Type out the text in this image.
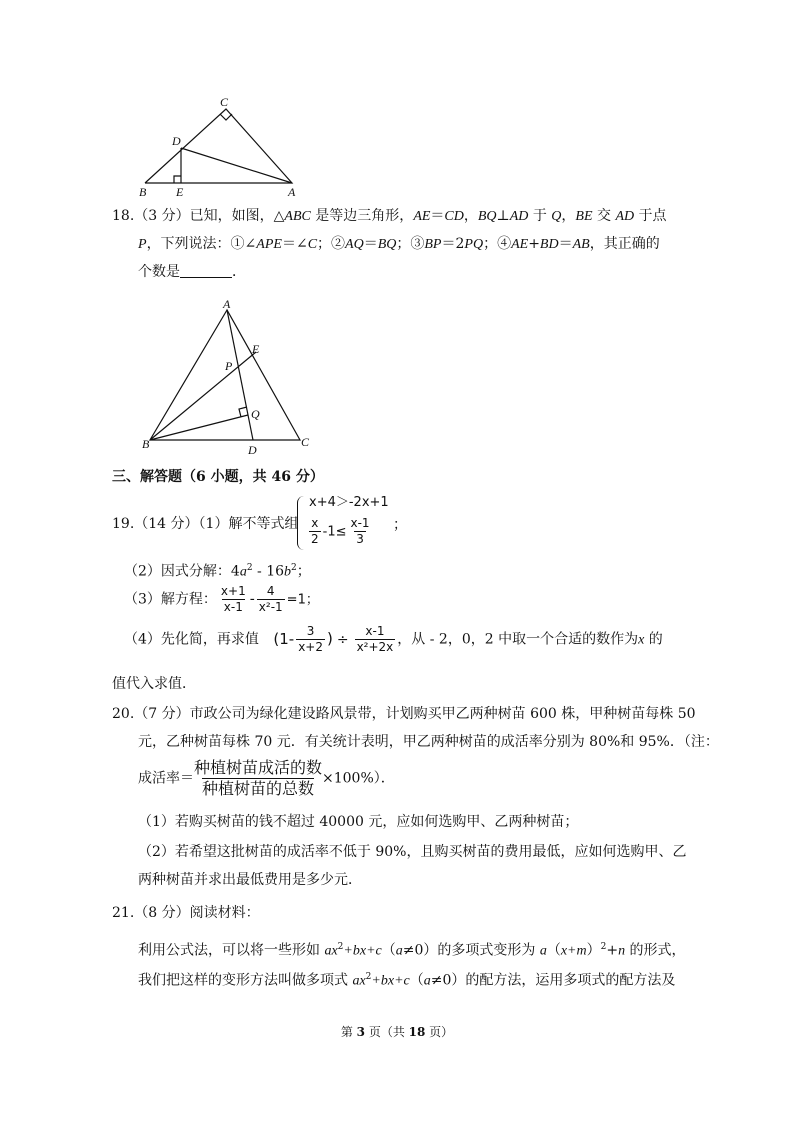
C
D
B E	A
18.（3 分）已知，如图，△ABC 是等边三角形，AE＝CD，BQ⊥AD 于 Q，BE 交 AD 于点
P，下列说法：①∠APE＝∠C；②AQ＝BQ；③BP＝2PQ；④AE+BD＝AB，其正确的
个数是	．
A
E
P
Q
B	D
C
三、解答题（6 小题，共 46 分）
19.（14 分）（1）解不等式组
x+4＞-2x+1
$\frac{x}{2} -1\le \frac{x-1}{3}$ ；
（2）因式分解：$4a^2 - 16b^2$；
（3）解方程： $\frac{x+1}{x-1} - \frac{4}{\text{x²-1}} =1$；
（4）先化简，再求值 ($1- \frac{3}{x+2}$ ) ÷ $\frac{x-1}{\text{x²+2x}}$ ，从 - 2，0，2 中取一个合适的数作为x 的
值代入求值．
20.（7 分）市政公司为绿化建设路风景带，计划购买甲乙两种树苗 600 株，甲种树苗每株 50
元，乙种树苗每株 70 元．有关统计表明，甲乙两种树苗的成活率分别为 80%和 95%．（注：
成活率＝ $\frac{\text{种植树苗成活的数}}{\text{种植树苗的总数}} \times 100\%$）．
（1）若购买树苗的钱不超过 40000 元，应如何选购甲、乙两种树苗；
（2）若希望这批树苗的成活率不低于 90%，且购买树苗的费用最低，应如何选购甲、乙
两种树苗并求出最低费用是多少元．
21.（8 分）阅读材料：
利用公式法，可以将一些形如 $ax^2+bx+c(a\ne 0)$的多项式变形为 $a(x+m)^2+n$ 的形式，
我们把这样的变形方法叫做多项式 $ax^2+bx+c(a\ne 0)$的配方法，运用多项式的配方法及
第 3 页（共 18 页）
